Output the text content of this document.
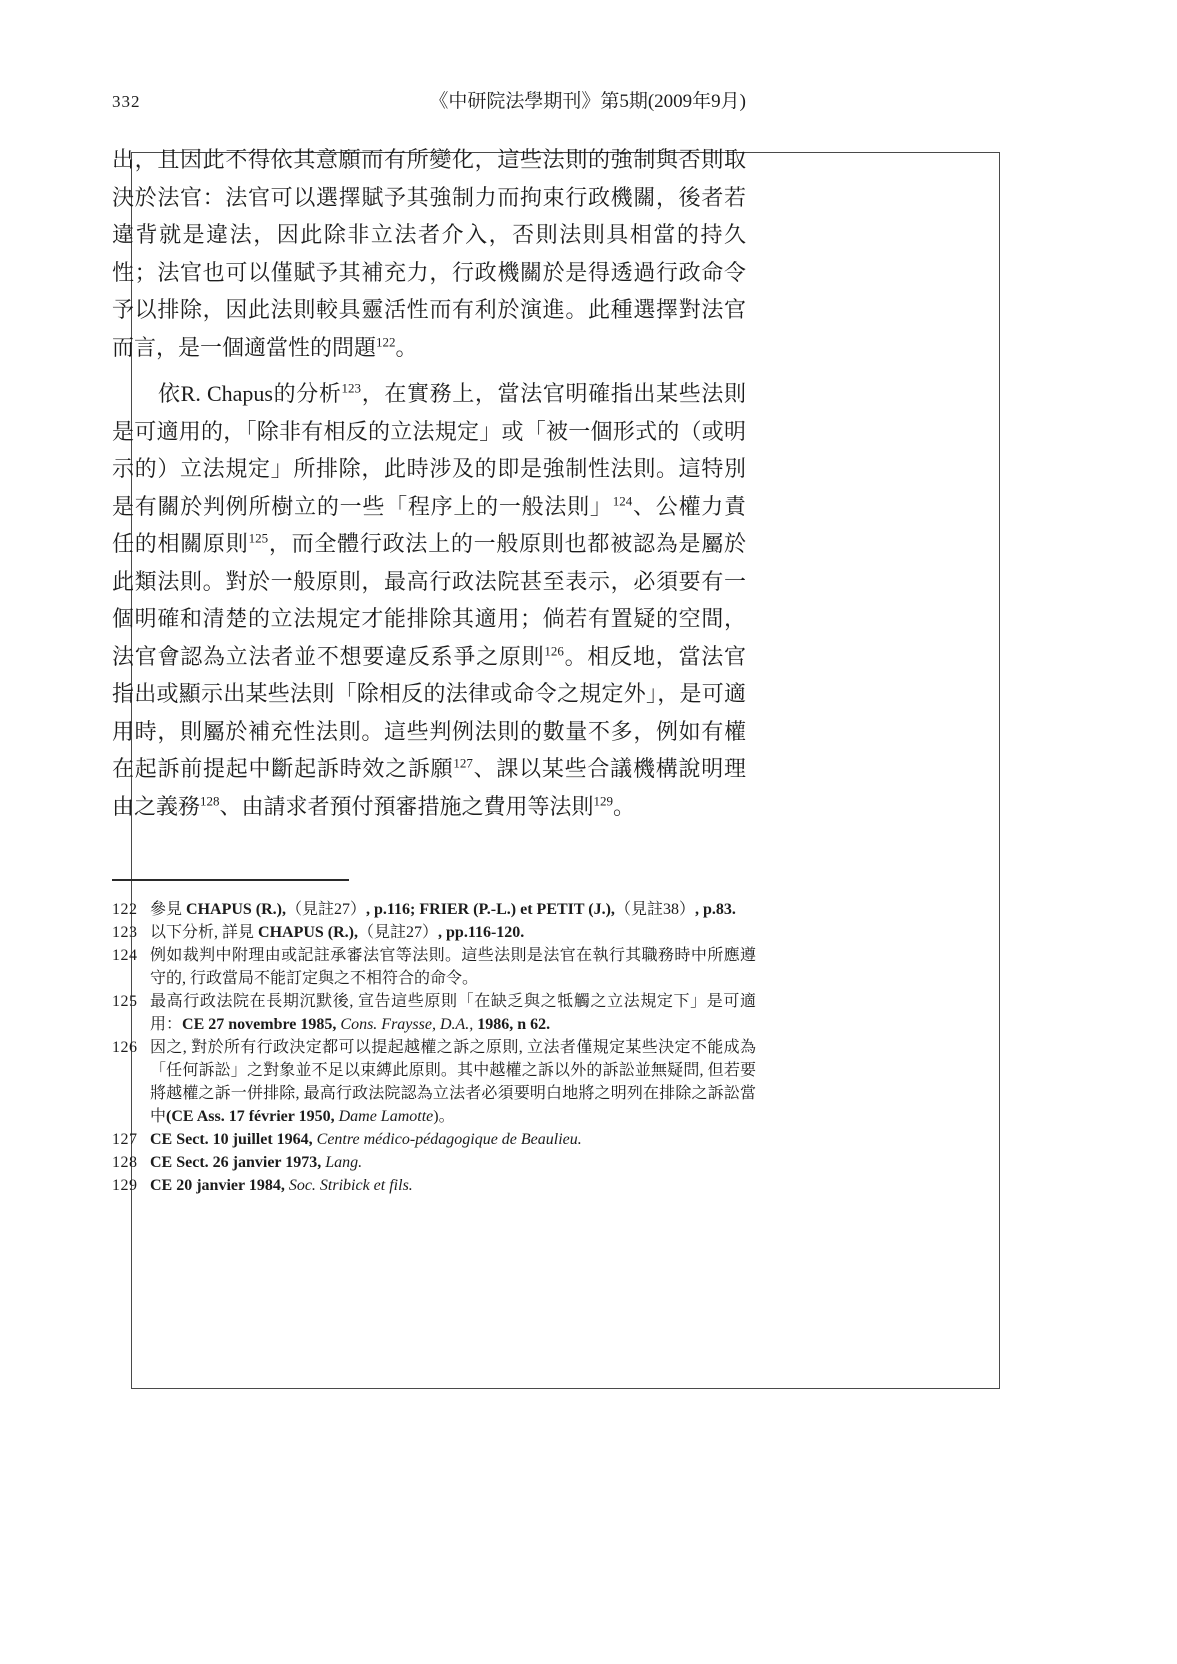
332	《中研院法學期刊》第5期(2009年9月)

出，且因此不得依其意願而有所變化，這些法則的強制與否則取決於法官：法官可以選擇賦予其強制力而拘束行政機關，後者若違背就是違法，因此除非立法者介入，否則法則具相當的持久性；法官也可以僅賦予其補充力，行政機關於是得透過行政命令予以排除，因此法則較具靈活性而有利於演進。此種選擇對法官而言，是一個適當性的問題$^{122}$。

依R. Chapus的分析$^{123}$，在實務上，當法官明確指出某些法則是可適用的，「除非有相反的立法規定」或「被一個形式的（或明示的）立法規定」所排除，此時涉及的即是強制性法則。這特別是有關於判例所樹立的一些「程序上的一般法則」$^{124}$、公權力責任的相關原則$^{125}$，而全體行政法上的一般原則也都被認為是屬於此類法則。對於一般原則，最高行政法院甚至表示，必須要有一個明確和清楚的立法規定才能排除其適用；倘若有置疑的空間，法官會認為立法者並不想要違反系爭之原則$^{126}$。相反地，當法官指出或顯示出某些法則「除相反的法律或命令之規定外」，是可適用時，則屬於補充性法則。這些判例法則的數量不多，例如有權在起訴前提起中斷起訴時效之訴願$^{127}$、課以某些合議機構說明理由之義務$^{128}$、由請求者預付預審措施之費用等法則$^{129}$。

122 參見 CHAPUS (R.),（見註27）, p.116; FRIER (P.-L.) et PETIT (J.),（見註38）, p.83.
123 以下分析, 詳見 CHAPUS (R.),（見註27）, pp.116-120.
124 例如裁判中附理由或記註承審法官等法則。這些法則是法官在執行其職務時中所應遵守的, 行政當局不能訂定與之不相符合的命令。
125 最高行政法院在長期沉默後, 宣告這些原則「在缺乏與之牴觸之立法規定下」是可適用：CE 27 novembre 1985, Cons. Fraysse, D.A., 1986, n 62.
126 因之, 對於所有行政決定都可以提起越權之訴之原則, 立法者僅規定某些決定不能成為「任何訴訟」之對象並不足以束縛此原則。其中越權之訴以外的訴訟並無疑問, 但若要將越權之訴一併排除, 最高行政法院認為立法者必須要明白地將之明列在排除之訴訟當中(CE Ass. 17 février 1950, Dame Lamotte)。
127 CE Sect. 10 juillet 1964, Centre médico-pédagogique de Beaulieu.
128 CE Sect. 26 janvier 1973, Lang.
129 CE 20 janvier 1984, Soc. Stribick et fils.
